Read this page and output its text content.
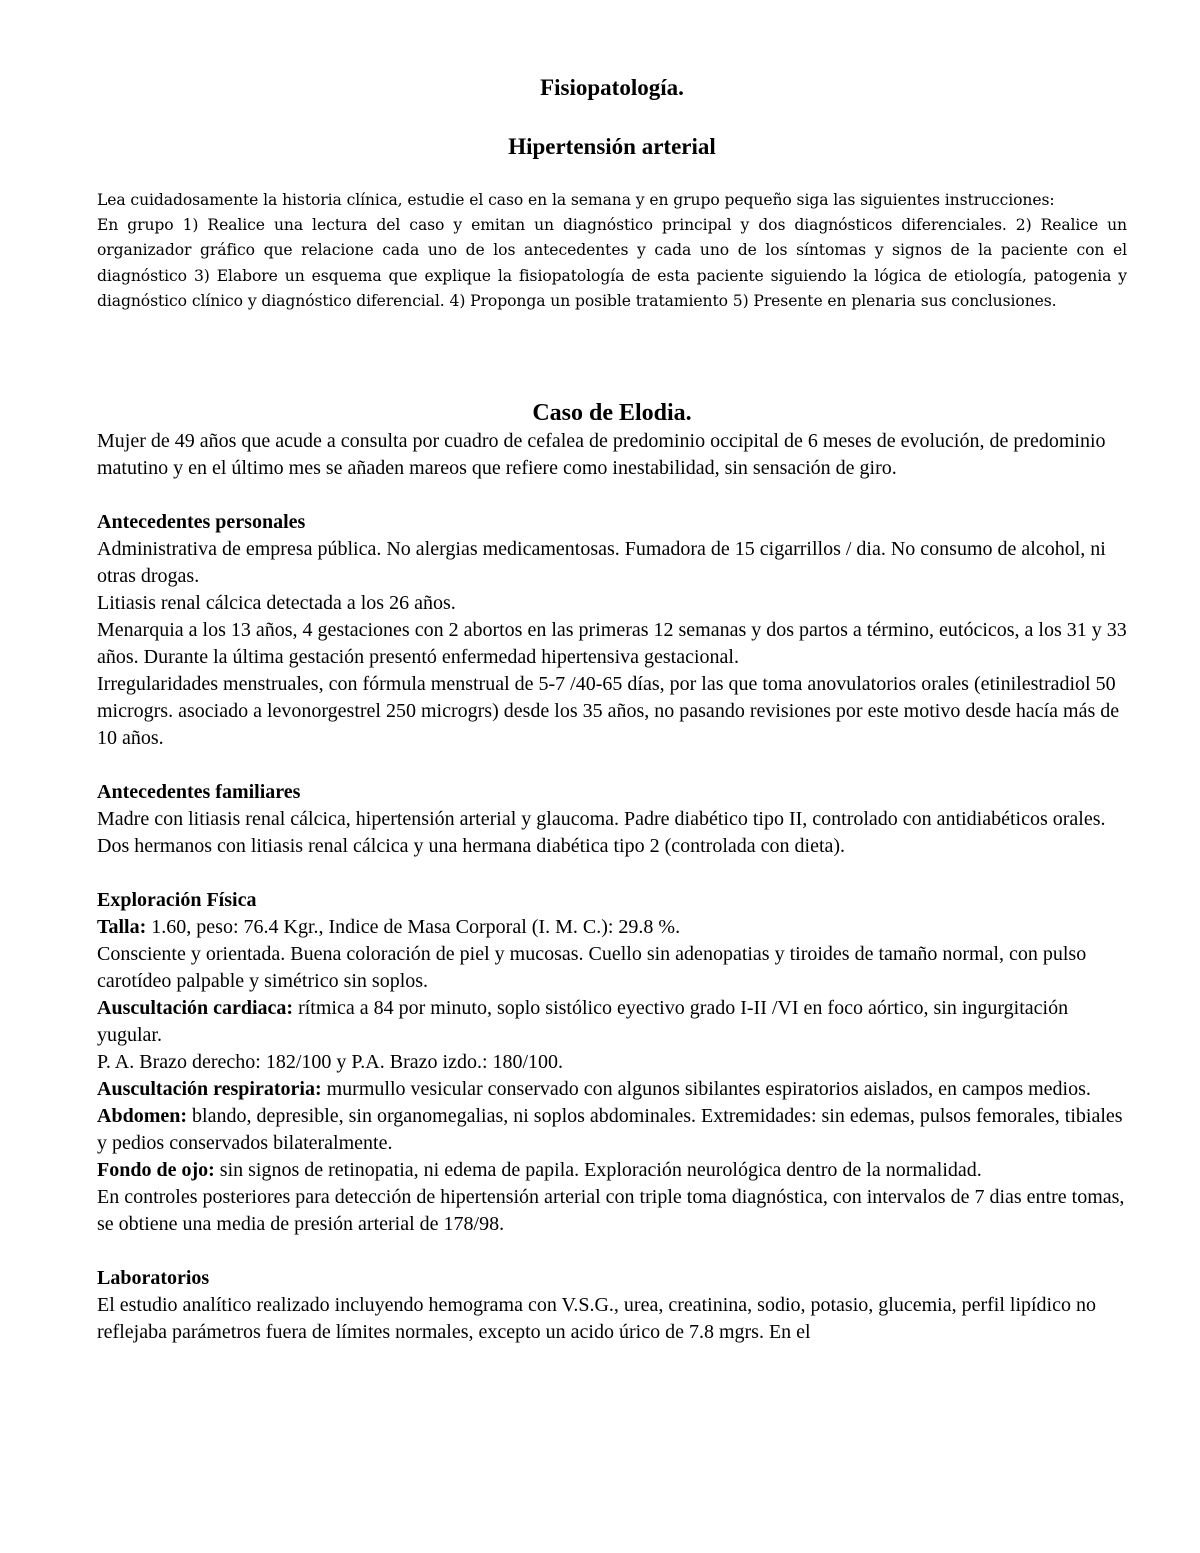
Fisiopatología.
Hipertensión arterial

Lea cuidadosamente la historia clínica, estudie el caso en la semana y en grupo pequeño siga las siguientes instrucciones:

En grupo 1) Realice una lectura del caso y emitan un diagnóstico principal y dos diagnósticos diferenciales. 2) Realice un organizador gráfico que relacione cada uno de los antecedentes y cada uno de los síntomas y signos de la paciente con el diagnóstico 3) Elabore un esquema que explique la fisiopatología de esta paciente siguiendo la lógica de etiología, patogenia y diagnóstico clínico y diagnóstico diferencial. 4) Proponga un posible tratamiento 5) Presente en plenaria sus conclusiones.

Caso de Elodia.

Mujer de 49 años que acude a consulta por cuadro de cefalea de predominio occipital de 6 meses de evolución, de predominio matutino y en el último mes se añaden mareos que refiere como inestabilidad, sin sensación de giro.

Antecedentes personales

Administrativa de empresa pública. No alergias medicamentosas. Fumadora de 15 cigarrillos / dia. No consumo de alcohol, ni otras drogas.

Litiasis renal cálcica detectada a los 26 años.

Menarquia a los 13 años, 4 gestaciones con 2 abortos en las primeras 12 semanas y dos partos a término, eutócicos, a los 31 y 33 años. Durante la última gestación presentó enfermedad hipertensiva gestacional.

Irregularidades menstruales, con fórmula menstrual de 5-7 /40-65 días, por las que toma anovulatorios orales (etinilestradiol 50 microgrs. asociado a levonorgestrel 250 microgrs) desde los 35 años, no pasando revisiones por este motivo desde hacía más de 10 años.

Antecedentes familiares

Madre con litiasis renal cálcica, hipertensión arterial y glaucoma. Padre diabético tipo II, controlado con antidiabéticos orales. Dos hermanos con litiasis renal cálcica y una hermana diabética tipo 2 (controlada con dieta).

Exploración Física

Talla: 1.60, peso: 76.4 Kgr., Indice de Masa Corporal (I. M. C.): 29.8 %.

Consciente y orientada. Buena coloración de piel y mucosas. Cuello sin adenopatias y tiroides de tamaño normal, con pulso carotídeo palpable y simétrico sin soplos.

Auscultación cardiaca: rítmica a 84 por minuto, soplo sistólico eyectivo grado I-II /VI en foco aórtico, sin ingurgitación yugular.

P. A. Brazo derecho: 182/100 y P.A. Brazo izdo.: 180/100.

Auscultación respiratoria: murmullo vesicular conservado con algunos sibilantes espiratorios aislados, en campos medios.

Abdomen: blando, depresible, sin organomegalias, ni soplos abdominales. Extremidades: sin edemas, pulsos femorales, tibiales y pedios conservados bilateralmente.

Fondo de ojo: sin signos de retinopatia, ni edema de papila. Exploración neurológica dentro de la normalidad.

En controles posteriores para detección de hipertensión arterial con triple toma diagnóstica, con intervalos de 7 dias entre tomas, se obtiene una media de presión arterial de 178/98.

Laboratorios

El estudio analítico realizado incluyendo hemograma con V.S.G., urea, creatinina, sodio, potasio, glucemia, perfil lipídico no reflejaba parámetros fuera de límites normales, excepto un acido úrico de 7.8 mgrs. En el
